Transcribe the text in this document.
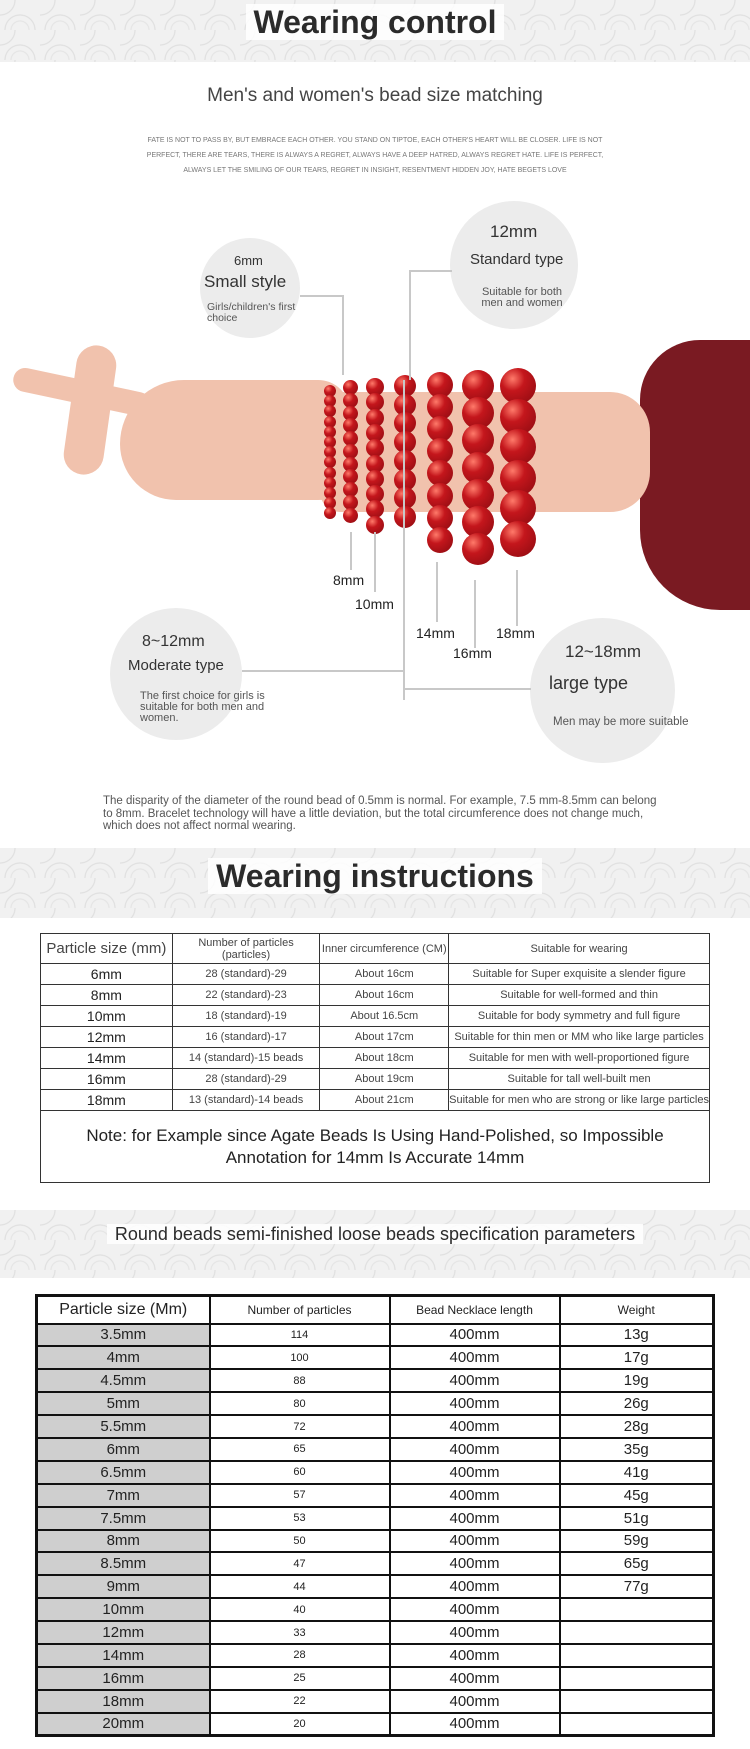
Wearing control
Men's and women's bead size matching
FATE IS NOT TO PASS BY, BUT EMBRACE EACH OTHER. YOU STAND ON TIPTOE, EACH OTHER'S HEART WILL BE CLOSER. LIFE IS NOT PERFECT, THERE ARE TEARS, THERE IS ALWAYS A REGRET, ALWAYS HAVE A DEEP HATRED, ALWAYS REGRET HATE. LIFE IS PERFECT, ALWAYS LET THE SMILING OF OUR TEARS, REGRET IN INSIGHT, RESENTMENT HIDDEN JOY, HATE BEGETS LOVE
6mm
Small style
Girls/children's first choice
12mm
Standard type
Suitable for both men and women
8~12mm
Moderate type
The first choice for girls is suitable for both men and women.
12~18mm
large type
Men may be more suitable
8mm
10mm
14mm
16mm
18mm
The disparity of the diameter of the round bead of 0.5mm is normal. For example, 7.5 mm-8.5mm can belong to 8mm. Bracelet technology will have a little deviation, but the total circumference does not change much, which does not affect normal wearing.
Wearing instructions
Particle size (mm)	Number of particles (particles)	Inner circumference (CM)	Suitable for wearing
6mm	28 (standard)-29	About 16cm	Suitable for Super exquisite a slender figure
8mm	22 (standard)-23	About 16cm	Suitable for well-formed and thin
10mm	18 (standard)-19	About 16.5cm	Suitable for body symmetry and full figure
12mm	16 (standard)-17	About 17cm	Suitable for thin men or MM who like large particles
14mm	14 (standard)-15 beads	About 18cm	Suitable for men with well-proportioned figure
16mm	28 (standard)-29	About 19cm	Suitable for tall well-built men
18mm	13 (standard)-14 beads	About 21cm	Suitable for men who are strong or like large particles
Note: for Example since Agate Beads Is Using Hand-Polished, so Impossible Annotation for 14mm Is Accurate 14mm			
Round beads semi-finished loose beads specification parameters
Particle size (Mm)	Number of particles	Bead Necklace length	Weight
3.5mm	114	400mm	13g
4mm	100	400mm	17g
4.5mm	88	400mm	19g
5mm	80	400mm	26g
5.5mm	72	400mm	28g
6mm	65	400mm	35g
6.5mm	60	400mm	41g
7mm	57	400mm	45g
7.5mm	53	400mm	51g
8mm	50	400mm	59g
8.5mm	47	400mm	65g
9mm	44	400mm	77g
10mm	40	400mm	
12mm	33	400mm	
14mm	28	400mm	
16mm	25	400mm	
18mm	22	400mm	
20mm	20	400mm	
